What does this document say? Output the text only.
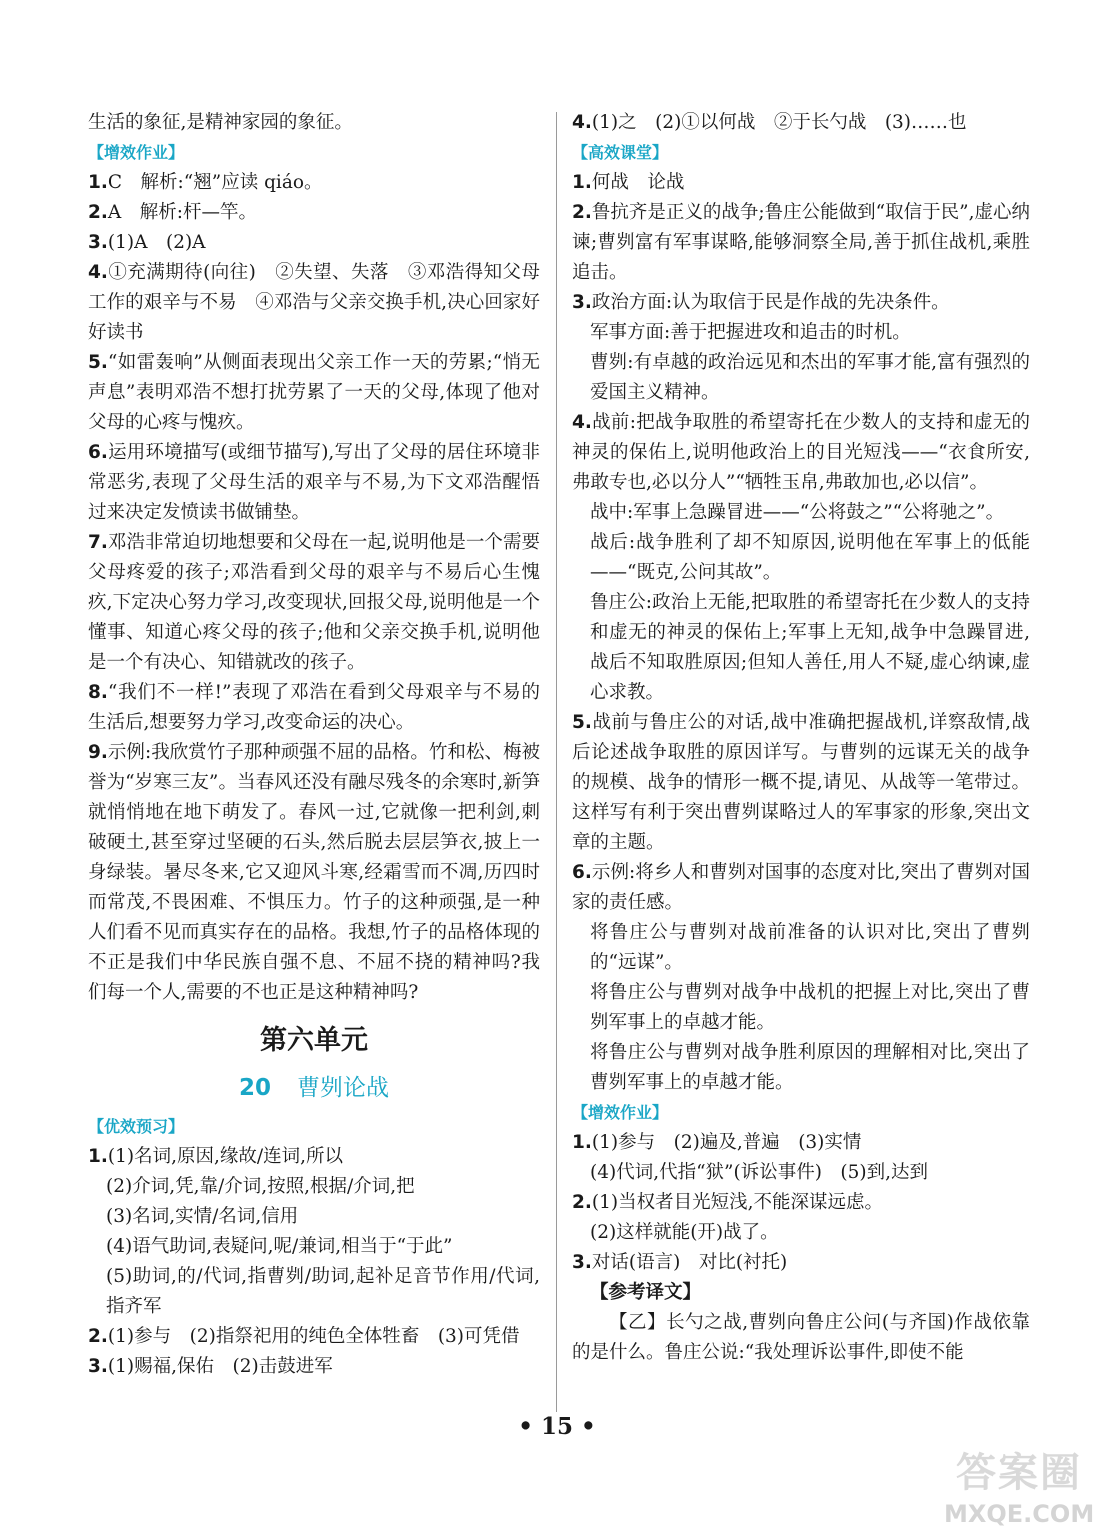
生活的象征,是精神家园的象征。
【增效作业】
1.C　解析:“翘”应读 qiáo。
2.A　解析:杆—竿。
3.(1)A　(2)A
4.①充满期待(向往)　②失望、失落　③邓浩得知父母工作的艰辛与不易　④邓浩与父亲交换手机,决心回家好好读书
5.“如雷轰响”从侧面表现出父亲工作一天的劳累;“悄无声息”表明邓浩不想打扰劳累了一天的父母,体现了他对父母的心疼与愧疚。
6.运用环境描写(或细节描写),写出了父母的居住环境非常恶劣,表现了父母生活的艰辛与不易,为下文邓浩醒悟过来决定发愤读书做铺垫。
7.邓浩非常迫切地想要和父母在一起,说明他是一个需要父母疼爱的孩子;邓浩看到父母的艰辛与不易后心生愧疚,下定决心努力学习,改变现状,回报父母,说明他是一个懂事、知道心疼父母的孩子;他和父亲交换手机,说明他是一个有决心、知错就改的孩子。
8.“我们不一样!”表现了邓浩在看到父母艰辛与不易的生活后,想要努力学习,改变命运的决心。
9.示例:我欣赏竹子那种顽强不屈的品格。竹和松、梅被誉为“岁寒三友”。当春风还没有融尽残冬的余寒时,新笋就悄悄地在地下萌发了。春风一过,它就像一把利剑,刺破硬土,甚至穿过坚硬的石头,然后脱去层层笋衣,披上一身绿装。暑尽冬来,它又迎风斗寒,经霜雪而不凋,历四时而常茂,不畏困难、不惧压力。竹子的这种顽强,是一种人们看不见而真实存在的品格。我想,竹子的品格体现的不正是我们中华民族自强不息、不屈不挠的精神吗?我们每一个人,需要的不也正是这种精神吗?
第六单元
20 曹刿论战
【优效预习】
1.(1)名词,原因,缘故/连词,所以
(2)介词,凭,靠/介词,按照,根据/介词,把
(3)名词,实情/名词,信用
(4)语气助词,表疑问,呢/兼词,相当于“于此”
(5)助词,的/代词,指曹刿/助词,起补足音节作用/代词,指齐军
2.(1)参与　(2)指祭祀用的纯色全体牲畜　(3)可凭借
3.(1)赐福,保佑　(2)击鼓进军
4.(1)之　(2)①以何战　②于长勺战　(3)……也
【高效课堂】
1.何战　论战
2.鲁抗齐是正义的战争;鲁庄公能做到“取信于民”,虚心纳谏;曹刿富有军事谋略,能够洞察全局,善于抓住战机,乘胜追击。
3.政治方面:认为取信于民是作战的先决条件。
军事方面:善于把握进攻和追击的时机。
曹刿:有卓越的政治远见和杰出的军事才能,富有强烈的爱国主义精神。
4.战前:把战争取胜的希望寄托在少数人的支持和虚无的神灵的保佑上,说明他政治上的目光短浅——“衣食所安,弗敢专也,必以分人”“牺牲玉帛,弗敢加也,必以信”。
战中:军事上急躁冒进——“公将鼓之”“公将驰之”。
战后:战争胜利了却不知原因,说明他在军事上的低能——“既克,公问其故”。
鲁庄公:政治上无能,把取胜的希望寄托在少数人的支持和虚无的神灵的保佑上;军事上无知,战争中急躁冒进,战后不知取胜原因;但知人善任,用人不疑,虚心纳谏,虚心求教。
5.战前与鲁庄公的对话,战中准确把握战机,详察敌情,战后论述战争取胜的原因详写。与曹刿的远谋无关的战争的规模、战争的情形一概不提,请见、从战等一笔带过。这样写有利于突出曹刿谋略过人的军事家的形象,突出文章的主题。
6.示例:将乡人和曹刿对国事的态度对比,突出了曹刿对国家的责任感。
将鲁庄公与曹刿对战前准备的认识对比,突出了曹刿的“远谋”。
将鲁庄公与曹刿对战争中战机的把握上对比,突出了曹刿军事上的卓越才能。
将鲁庄公与曹刿对战争胜利原因的理解相对比,突出了曹刿军事上的卓越才能。
【增效作业】
1.(1)参与　(2)遍及,普遍　(3)实情
(4)代词,代指“狱”(诉讼事件)　(5)到,达到
2.(1)当权者目光短浅,不能深谋远虑。
(2)这样就能(开)战了。
3.对话(语言)　对比(衬托)
【参考译文】
【乙】长勺之战,曹刿向鲁庄公问(与齐国)作战依靠的是什么。鲁庄公说:“我处理诉讼事件,即使不能
• 15 •
答案圈
MXQE.COM
